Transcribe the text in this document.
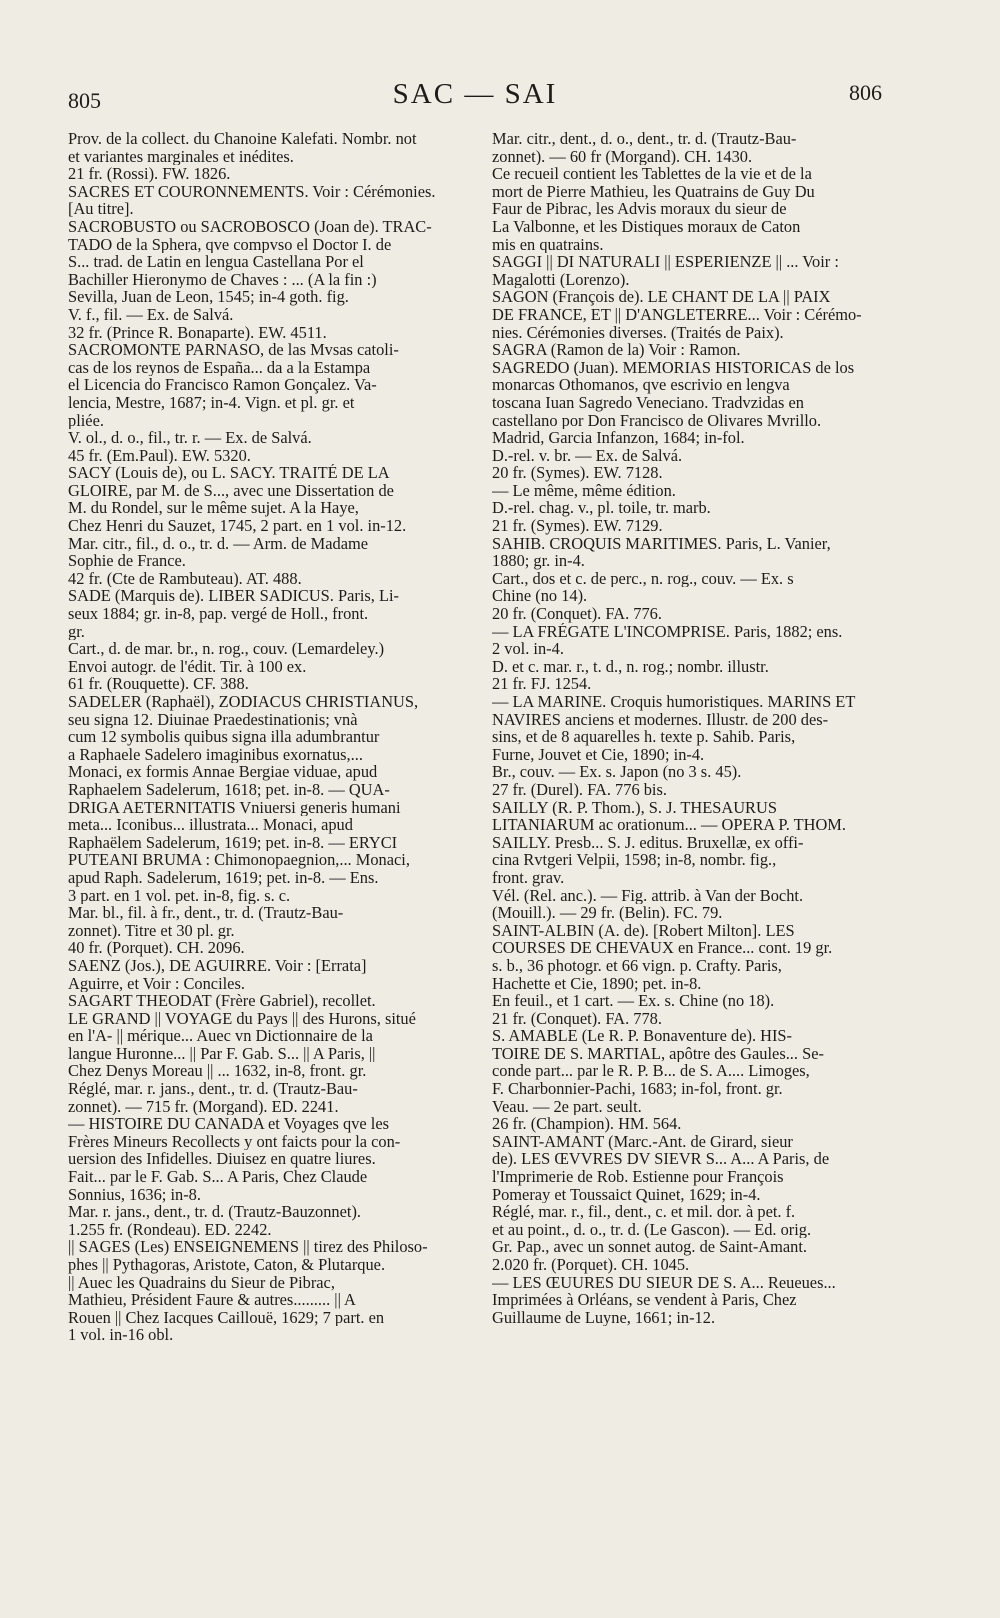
805	SAC — SAI	806
Prov. de la collect. du Chanoine Kalefati. Nombr. not
et variantes marginales et inédites.
21 fr. (Rossi). FW. 1826.
SACRES ET COURONNEMENTS. Voir : Cérémonies.
[Au titre].
SACROBUSTO ou SACROBOSCO (Joan de). TRAC-
TADO de la Sphera, qve compvso el Doctor I. de
S... trad. de Latin en lengua Castellana Por el
Bachiller Hieronymo de Chaves : ... (A la fin :)
Sevilla, Juan de Leon, 1545; in-4 goth. fig.
V. f., fil. — Ex. de Salvá.
32 fr. (Prince R. Bonaparte). EW. 4511.
SACROMONTE PARNASO, de las Mvsas catoli-
cas de los reynos de España... da a la Estampa
el Licencia do Francisco Ramon Gonçalez. Va-
lencia, Mestre, 1687; in-4. Vign. et pl. gr. et
pliée.
V. ol., d. o., fil., tr. r. — Ex. de Salvá.
45 fr. (Em.Paul). EW. 5320.
SACY (Louis de), ou L. SACY. TRAITÉ DE LA
GLOIRE, par M. de S..., avec une Dissertation de
M. du Rondel, sur le même sujet. A la Haye,
Chez Henri du Sauzet, 1745, 2 part. en 1 vol. in-12.
Mar. citr., fil., d. o., tr. d. — Arm. de Madame
Sophie de France.
42 fr. (Cte de Rambuteau). AT. 488.
SADE (Marquis de). LIBER SADICUS. Paris, Li-
seux 1884; gr. in-8, pap. vergé de Holl., front.
gr.
Cart., d. de mar. br., n. rog., couv. (Lemardeley.)
Envoi autogr. de l'édit. Tir. à 100 ex.
61 fr. (Rouquette). CF. 388.
SADELER (Raphaël), ZODIACUS CHRISTIANUS,
seu signa 12. Diuinae Praedestinationis; vnà
cum 12 symbolis quibus signa illa adumbrantur
a Raphaele Sadelero imaginibus exornatus,...
Monaci, ex formis Annae Bergiae viduae, apud
Raphaelem Sadelerum, 1618; pet. in-8. — QUA-
DRIGA AETERNITATIS Vniuersi generis humani
meta... Iconibus... illustrata... Monaci, apud
Raphaëlem Sadelerum, 1619; pet. in-8. — ERYCI
PUTEANI BRUMA : Chimonopaegnion,... Monaci,
apud Raph. Sadelerum, 1619; pet. in-8. — Ens.
3 part. en 1 vol. pet. in-8, fig. s. c.
Mar. bl., fil. à fr., dent., tr. d. (Trautz-Bau-
zonnet). Titre et 30 pl. gr.
40 fr. (Porquet). CH. 2096.
SAENZ (Jos.), DE AGUIRRE. Voir : [Errata]
Aguirre, et Voir : Conciles.
SAGART THEODAT (Frère Gabriel), recollet.
LE GRAND || VOYAGE du Pays || des Hurons, situé
en l'A- || mérique... Auec vn Dictionnaire de la
langue Huronne... || Par F. Gab. S... || A Paris, ||
Chez Denys Moreau || ... 1632, in-8, front. gr.
Réglé, mar. r. jans., dent., tr. d. (Trautz-Bau-
zonnet). — 715 fr. (Morgand). ED. 2241.
— HISTOIRE DU CANADA et Voyages qve les
Frères Mineurs Recollects y ont faicts pour la con-
uersion des Infidelles. Diuisez en quatre liures.
Fait... par le F. Gab. S... A Paris, Chez Claude
Sonnius, 1636; in-8.
Mar. r. jans., dent., tr. d. (Trautz-Bauzonnet).
1.255 fr. (Rondeau). ED. 2242.
|| SAGES (Les) ENSEIGNEMENS || tirez des Philoso-
phes || Pythagoras, Aristote, Caton, & Plutarque.
|| Auec les Quadrains du Sieur de Pibrac,
Mathieu, Président Faure & autres......... || A
Rouen || Chez Iacques Caillouë, 1629; 7 part. en
1 vol. in-16 obl.
Mar. citr., dent., d. o., dent., tr. d. (Trautz-Bau-
zonnet). — 60 fr (Morgand). CH. 1430.
Ce recueil contient les Tablettes de la vie et de la
mort de Pierre Mathieu, les Quatrains de Guy Du
Faur de Pibrac, les Advis moraux du sieur de
La Valbonne, et les Distiques moraux de Caton
mis en quatrains.
SAGGI || DI NATURALI || ESPERIENZE || ... Voir :
Magalotti (Lorenzo).
SAGON (François de). LE CHANT DE LA || PAIX
DE FRANCE, ET || D'ANGLETERRE... Voir : Cérémo-
nies. Cérémonies diverses. (Traités de Paix).
SAGRA (Ramon de la) Voir : Ramon.
SAGREDO (Juan). MEMORIAS HISTORICAS de los
monarcas Othomanos, qve escrivio en lengva
toscana Iuan Sagredo Veneciano. Tradvzidas en
castellano por Don Francisco de Olivares Mvrillo.
Madrid, Garcia Infanzon, 1684; in-fol.
D.-rel. v. br. — Ex. de Salvá.
20 fr. (Symes). EW. 7128.
— Le même, même édition.
D.-rel. chag. v., pl. toile, tr. marb.
21 fr. (Symes). EW. 7129.
SAHIB. CROQUIS MARITIMES. Paris, L. Vanier,
1880; gr. in-4.
Cart., dos et c. de perc., n. rog., couv. — Ex. s
Chine (no 14).
20 fr. (Conquet). FA. 776.
— LA FRÉGATE L'INCOMPRISE. Paris, 1882; ens.
2 vol. in-4.
D. et c. mar. r., t. d., n. rog.; nombr. illustr.
21 fr. FJ. 1254.
— LA MARINE. Croquis humoristiques. MARINS ET
NAVIRES anciens et modernes. Illustr. de 200 des-
sins, et de 8 aquarelles h. texte p. Sahib. Paris,
Furne, Jouvet et Cie, 1890; in-4.
Br., couv. — Ex. s. Japon (no 3 s. 45).
27 fr. (Durel). FA. 776 bis.
SAILLY (R. P. Thom.), S. J. THESAURUS
LITANIARUM ac orationum... — OPERA P. THOM.
SAILLY. Presb... S. J. editus. Bruxellæ, ex offi-
cina Rvtgeri Velpii, 1598; in-8, nombr. fig.,
front. grav.
Vél. (Rel. anc.). — Fig. attrib. à Van der Bocht.
(Mouill.). — 29 fr. (Belin). FC. 79.
SAINT-ALBIN (A. de). [Robert Milton]. LES
COURSES DE CHEVAUX en France... cont. 19 gr.
s. b., 36 photogr. et 66 vign. p. Crafty. Paris,
Hachette et Cie, 1890; pet. in-8.
En feuil., et 1 cart. — Ex. s. Chine (no 18).
21 fr. (Conquet). FA. 778.
S. AMABLE (Le R. P. Bonaventure de). HIS-
TOIRE DE S. MARTIAL, apôtre des Gaules... Se-
conde part... par le R. P. B... de S. A.... Limoges,
F. Charbonnier-Pachi, 1683; in-fol, front. gr.
Veau. — 2e part. seult.
26 fr. (Champion). HM. 564.
SAINT-AMANT (Marc.-Ant. de Girard, sieur
de). LES ŒVVRES DV SIEVR S... A... A Paris, de
l'Imprimerie de Rob. Estienne pour François
Pomeray et Toussaict Quinet, 1629; in-4.
Réglé, mar. r., fil., dent., c. et mil. dor. à pet. f.
et au point., d. o., tr. d. (Le Gascon). — Ed. orig.
Gr. Pap., avec un sonnet autog. de Saint-Amant.
2.020 fr. (Porquet). CH. 1045.
— LES ŒUURES DU SIEUR DE S. A... Reueues...
Imprimées à Orléans, se vendent à Paris, Chez
Guillaume de Luyne, 1661; in-12.
